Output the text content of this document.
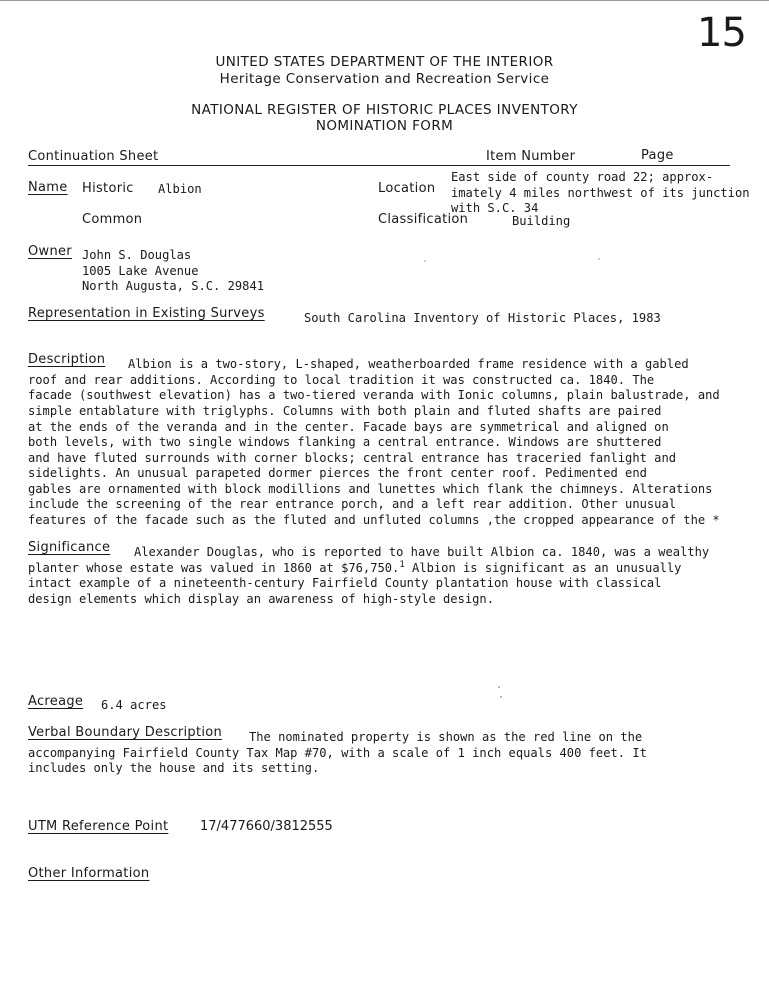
15
UNITED STATES DEPARTMENT OF THE INTERIOR
Heritage Conservation and Recreation Service
NATIONAL REGISTER OF HISTORIC PLACES INVENTORY
NOMINATION FORM
Continuation Sheet	Item Number	Page
Name Historic Albion
Common
Location
East side of county road 22; approx-
imately 4 miles northwest of its junction
with S.C. 34
Classification	Building
Owner John S. Douglas
1005 Lake Avenue
North Augusta, S.C. 29841
Representation in Existing Surveys	South Carolina Inventory of Historic Places, 1983
Description Albion is a two-story, L-shaped, weatherboarded frame residence with a gabled
roof and rear additions. According to local tradition it was constructed ca. 1840. The
facade (southwest elevation) has a two-tiered veranda with Ionic columns, plain balustrade, and
simple entablature with triglyphs. Columns with both plain and fluted shafts are paired
at the ends of the veranda and in the center. Facade bays are symmetrical and aligned on
both levels, with two single windows flanking a central entrance. Windows are shuttered
and have fluted surrounds with corner blocks; central entrance has traceried fanlight and
sidelights. An unusual parapeted dormer pierces the front center roof. Pedimented end
gables are ornamented with block modillions and lunettes which flank the chimneys. Alterations
include the screening of the rear entrance porch, and a left rear addition. Other unusual
features of the facade such as the fluted and unfluted columns ,the cropped appearance of the *
Significance Alexander Douglas, who is reported to have built Albion ca. 1840, was a wealthy
planter whose estate was valued in 1860 at $76,750.$^1$ Albion is significant as an unusually
intact example of a nineteenth-century Fairfield County plantation house with classical
design elements which display an awareness of high-style design.
Acreage 6.4 acres
Verbal Boundary Description The nominated property is shown as the red line on the
accompanying Fairfield County Tax Map #70, with a scale of 1 inch equals 400 feet. It
includes only the house and its setting.
UTM Reference Point 17/477660/3812555
Other Information
